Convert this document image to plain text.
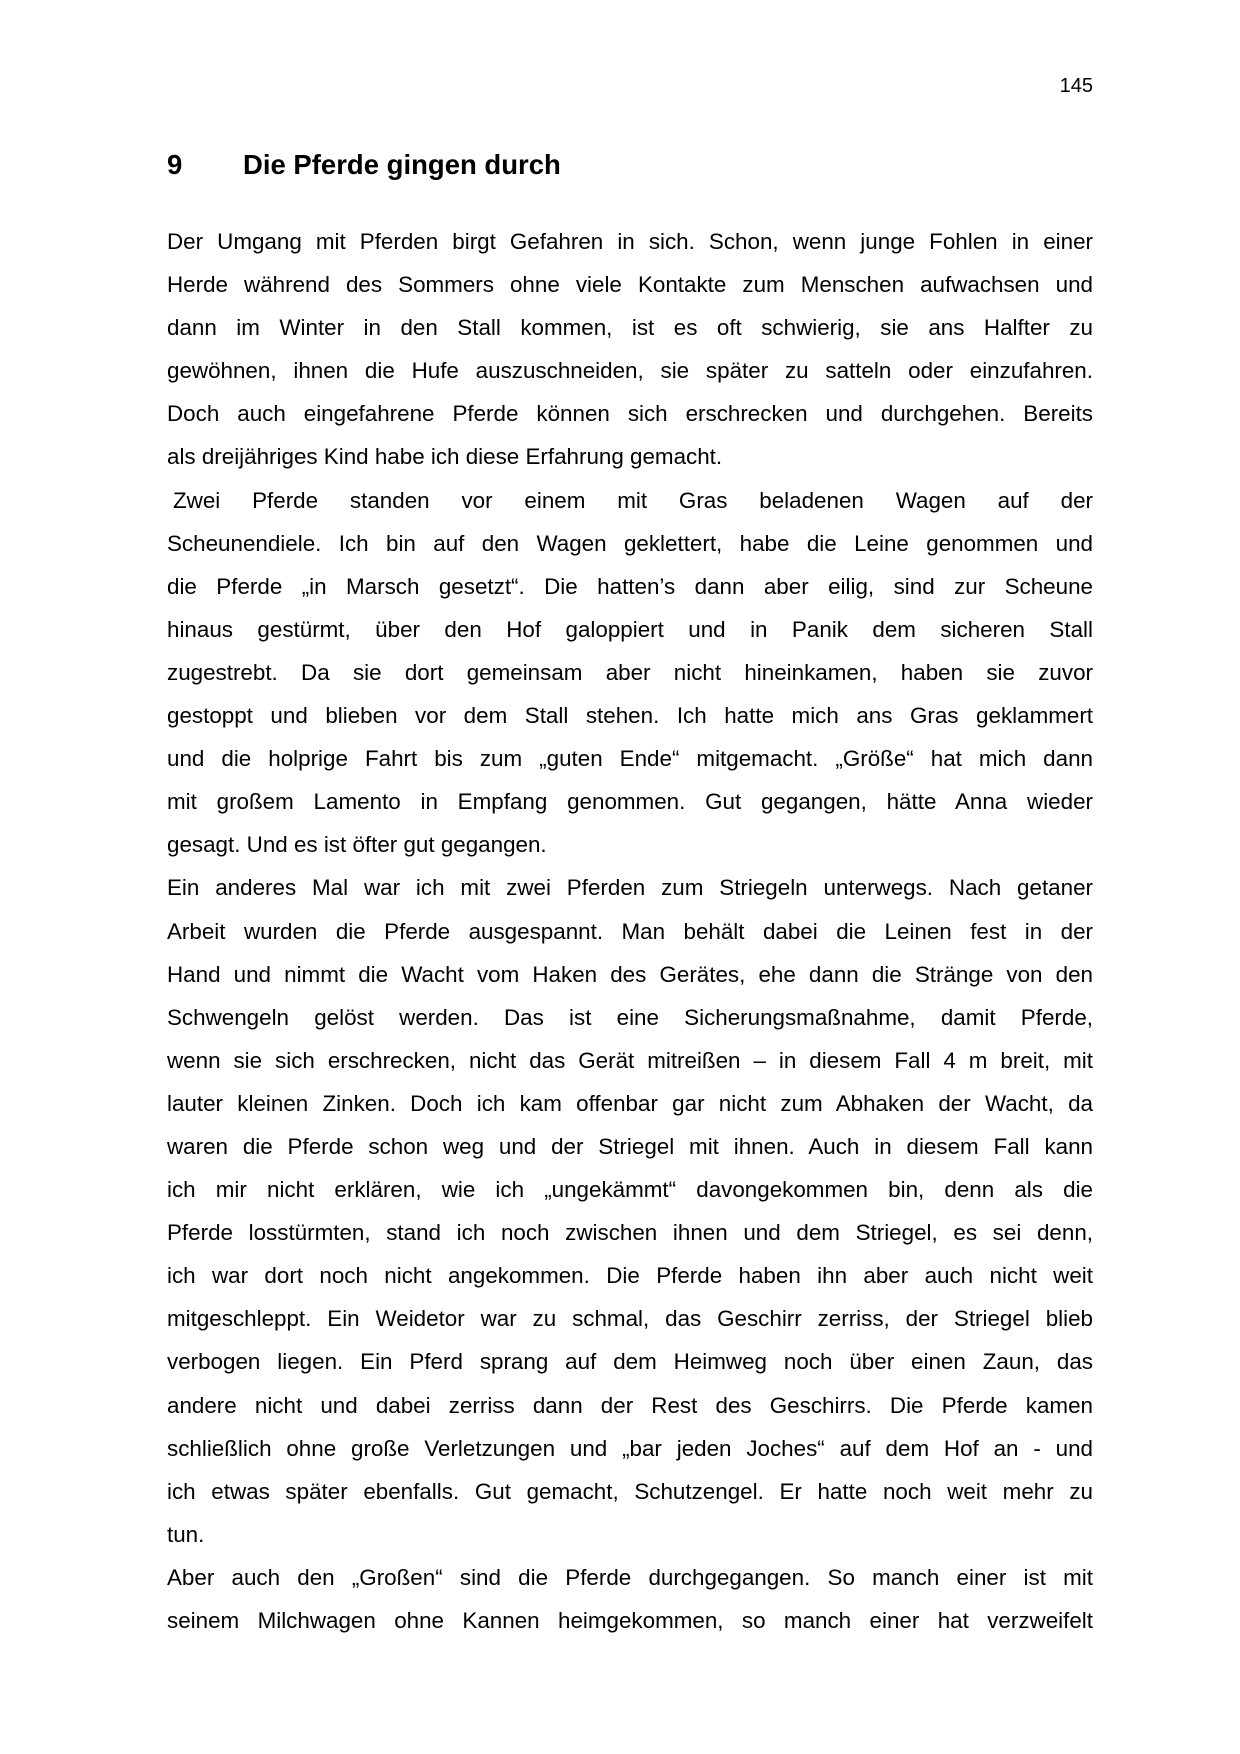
145
9 Die Pferde gingen durch
Der Umgang mit Pferden birgt Gefahren in sich. Schon, wenn junge Fohlen in einer
Herde während des Sommers ohne viele Kontakte zum Menschen aufwachsen und
dann im Winter in den Stall kommen, ist es oft schwierig, sie ans Halfter zu
gewöhnen, ihnen die Hufe auszuschneiden, sie später zu satteln oder einzufahren.
Doch auch eingefahrene Pferde können sich erschrecken und durchgehen. Bereits
als dreijähriges Kind habe ich diese Erfahrung gemacht.
Zwei Pferde standen vor einem mit Gras beladenen Wagen auf der
Scheunendiele. Ich bin auf den Wagen geklettert, habe die Leine genommen und
die Pferde „in Marsch gesetzt“. Die hatten’s dann aber eilig, sind zur Scheune
hinaus gestürmt, über den Hof galoppiert und in Panik dem sicheren Stall
zugestrebt. Da sie dort gemeinsam aber nicht hineinkamen, haben sie zuvor
gestoppt und blieben vor dem Stall stehen. Ich hatte mich ans Gras geklammert
und die holprige Fahrt bis zum „guten Ende“ mitgemacht. „Größe“ hat mich dann
mit großem Lamento in Empfang genommen. Gut gegangen, hätte Anna wieder
gesagt. Und es ist öfter gut gegangen.
Ein anderes Mal war ich mit zwei Pferden zum Striegeln unterwegs. Nach getaner
Arbeit wurden die Pferde ausgespannt. Man behält dabei die Leinen fest in der
Hand und nimmt die Wacht vom Haken des Gerätes, ehe dann die Stränge von den
Schwengeln gelöst werden. Das ist eine Sicherungsmaßnahme, damit Pferde,
wenn sie sich erschrecken, nicht das Gerät mitreißen – in diesem Fall 4 m breit, mit
lauter kleinen Zinken. Doch ich kam offenbar gar nicht zum Abhaken der Wacht, da
waren die Pferde schon weg und der Striegel mit ihnen. Auch in diesem Fall kann
ich mir nicht erklären, wie ich „ungekämmt“ davongekommen bin, denn als die
Pferde losstürmten, stand ich noch zwischen ihnen und dem Striegel, es sei denn,
ich war dort noch nicht angekommen. Die Pferde haben ihn aber auch nicht weit
mitgeschleppt. Ein Weidetor war zu schmal, das Geschirr zerriss, der Striegel blieb
verbogen liegen. Ein Pferd sprang auf dem Heimweg noch über einen Zaun, das
andere nicht und dabei zerriss dann der Rest des Geschirrs. Die Pferde kamen
schließlich ohne große Verletzungen und „bar jeden Joches“ auf dem Hof an - und
ich etwas später ebenfalls. Gut gemacht, Schutzengel. Er hatte noch weit mehr zu
tun.
Aber auch den „Großen“ sind die Pferde durchgegangen. So manch einer ist mit
seinem Milchwagen ohne Kannen heimgekommen, so manch einer hat verzweifelt
